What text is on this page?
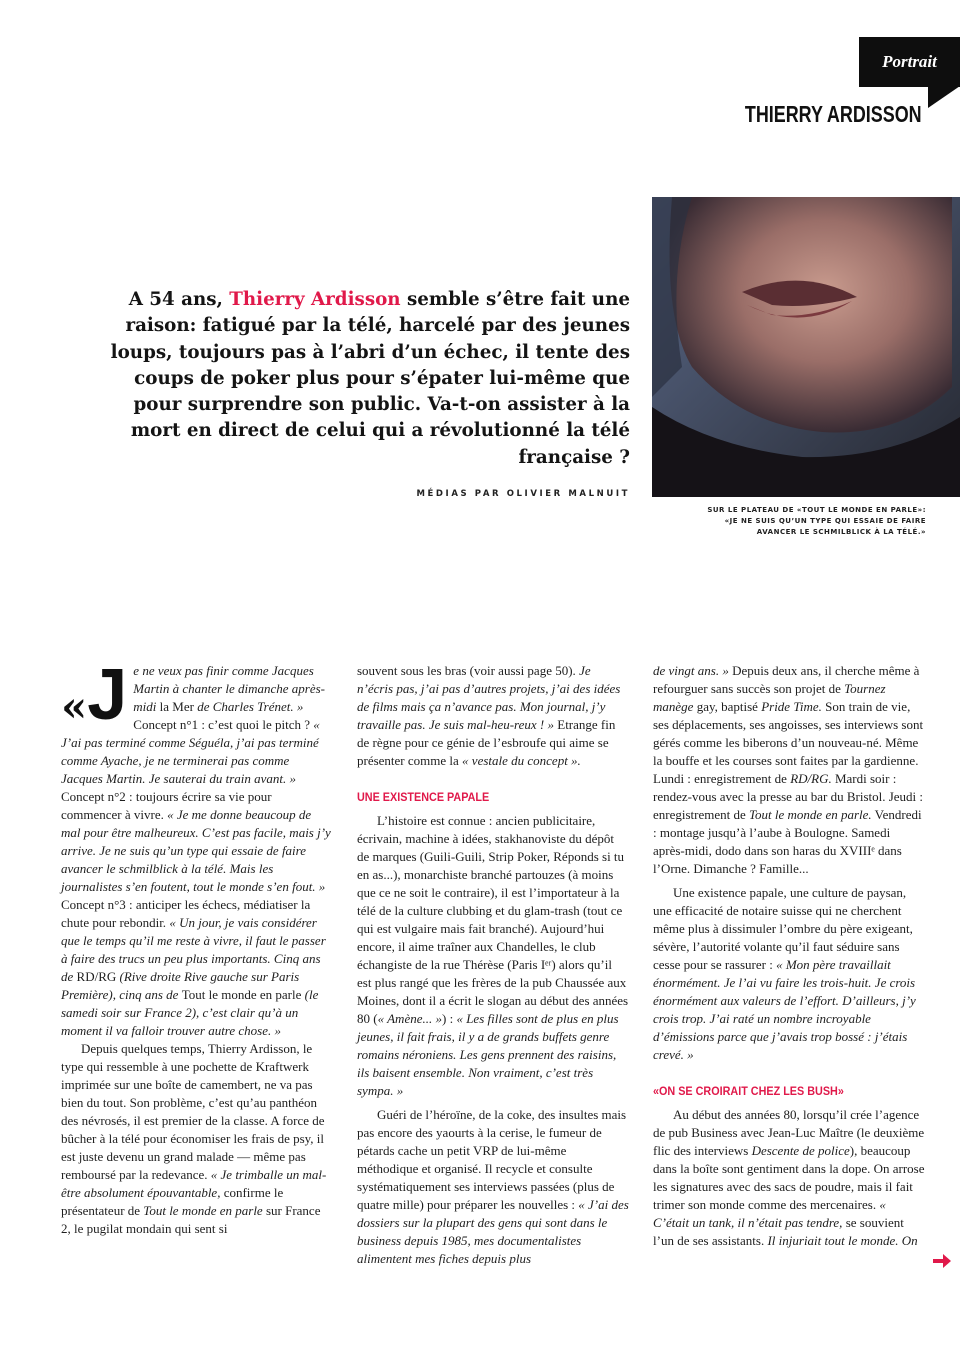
Portrait
THIERRY ARDISSON
SUR LE PLATEAU DE «TOUT LE MONDE EN PARLE»: «JE NE SUIS QU’UN TYPE QUI ESSAIE DE FAIRE AVANCER LE SCHMILBLICK À LA TÉLÉ.»
A 54 ans, Thierry Ardisson semble s’être fait une raison: fatigué par la télé, harcelé par des jeunes loups, toujours pas à l’abri d’un échec, il tente des coups de poker plus pour s’épater lui-même que pour surprendre son public. Va-t-on assister à la mort en direct de celui qui a révolutionné la télé française ?
MÉDIAS PAR OLIVIER MALNUIT

« J e ne veux pas finir comme Jacques Martin à chanter le dimanche après-midi la Mer de Charles Trénet. » Concept n°1 : c’est quoi le pitch ? « J’ai pas terminé comme Séguéla, j’ai pas terminé comme Ayache, je ne terminerai pas comme Jacques Martin. Je sauterai du train avant. » Concept n°2 : toujours écrire sa vie pour commencer à vivre. « Je me donne beaucoup de mal pour être malheureux. C’est pas facile, mais j’y arrive. Je ne suis qu’un type qui essaie de faire avancer le schmilblick à la télé. Mais les journalistes s’en foutent, tout le monde s’en fout. » Concept n°3 : anticiper les échecs, médiatiser la chute pour rebondir. « Un jour, je vais considérer que le temps qu’il me reste à vivre, il faut le passer à faire des trucs un peu plus importants. Cinq ans de RD/RG (Rive droite Rive gauche sur Paris Première), cinq ans de Tout le monde en parle (le samedi soir sur France 2), c’est clair qu’à un moment il va falloir trouver autre chose. »

Depuis quelques temps, Thierry Ardisson, le type qui ressemble à une pochette de Kraftwerk imprimée sur une boîte de camembert, ne va pas bien du tout. Son problème, c’est qu’au panthéon des névrosés, il est premier de la classe. A force de bûcher à la télé pour économiser les frais de psy, il est juste devenu un grand malade — même pas remboursé par la redevance. « Je trimballe un mal-être absolument épouvantable, confirme le présentateur de Tout le monde en parle sur France 2, le pugilat mondain qui sent si

souvent sous les bras (voir aussi page 50). Je n’écris pas, j’ai pas d’autres projets, j’ai des idées de films mais ça n’avance pas. Mon journal, j’y travaille pas. Je suis mal-heu-reux ! » Etrange fin de règne pour ce génie de l’esbroufe qui aime se présenter comme la « vestale du concept ».

UNE EXISTENCE PAPALE

L’histoire est connue : ancien publicitaire, écrivain, machine à idées, stakhanoviste du dépôt de marques (Guili-Guili, Strip Poker, Réponds si tu en as...), monarchiste branché partouzes (à moins que ce ne soit le contraire), il est l’importateur à la télé de la culture clubbing et du glam-trash (tout ce qui est vulgaire mais fait branché). Aujourd’hui encore, il aime traîner aux Chandelles, le club échangiste de la rue Thérèse (Paris Iᵉʳ) alors qu’il est plus rangé que les frères de la pub Chaussée aux Moines, dont il a écrit le slogan au début des années 80 (« Amène... ») : « Les filles sont de plus en plus jeunes, il fait frais, il y a de grands buffets genre romains néroniens. Les gens prennent des raisins, ils baisent ensemble. Non vraiment, c’est très sympa. »

Guéri de l’héroïne, de la coke, des insultes mais pas encore des yaourts à la cerise, le fumeur de pétards cache un petit VRP de lui-même méthodique et organisé. Il recycle et consulte systématiquement ses interviews passées (plus de quatre mille) pour préparer les nouvelles : « J’ai des dossiers sur la plupart des gens qui sont dans le business depuis 1985, mes documentalistes alimentent mes fiches depuis plus

de vingt ans. » Depuis deux ans, il cherche même à refourguer sans succès son projet de Tournez manège gay, baptisé Pride Time. Son train de vie, ses déplacements, ses angoisses, ses interviews sont gérés comme les biberons d’un nouveau-né. Même la bouffe et les courses sont faites par la gardienne. Lundi : enregistrement de RD/RG. Mardi soir : rendez-vous avec la presse au bar du Bristol. Jeudi : enregistrement de Tout le monde en parle. Vendredi : montage jusqu’à l’aube à Boulogne. Samedi après-midi, dodo dans son haras du XVIIIᵉ dans l’Orne. Dimanche ? Famille...

Une existence papale, une culture de paysan, une efficacité de notaire suisse qui ne cherchent même plus à dissimuler l’ombre du père exigeant, sévère, l’autorité volante qu’il faut séduire sans cesse pour se rassurer : « Mon père travaillait énormément. Je l’ai vu faire les trois-huit. Je crois énormément aux valeurs de l’effort. D’ailleurs, j’y crois trop. J’ai raté un nombre incroyable d’émissions parce que j’avais trop bossé : j’étais crevé. »

«ON SE CROIRAIT CHEZ LES BUSH»

Au début des années 80, lorsqu’il crée l’agence de pub Business avec Jean-Luc Maître (le deuxième flic des interviews Descente de police), beaucoup dans la boîte sont gentiment dans la dope. On arrose les signatures avec des sacs de poudre, mais il fait trimer son monde comme des mercenaires. « C’était un tank, il n’était pas tendre, se souvient l’un de ses assistants. Il injuriait tout le monde. On
